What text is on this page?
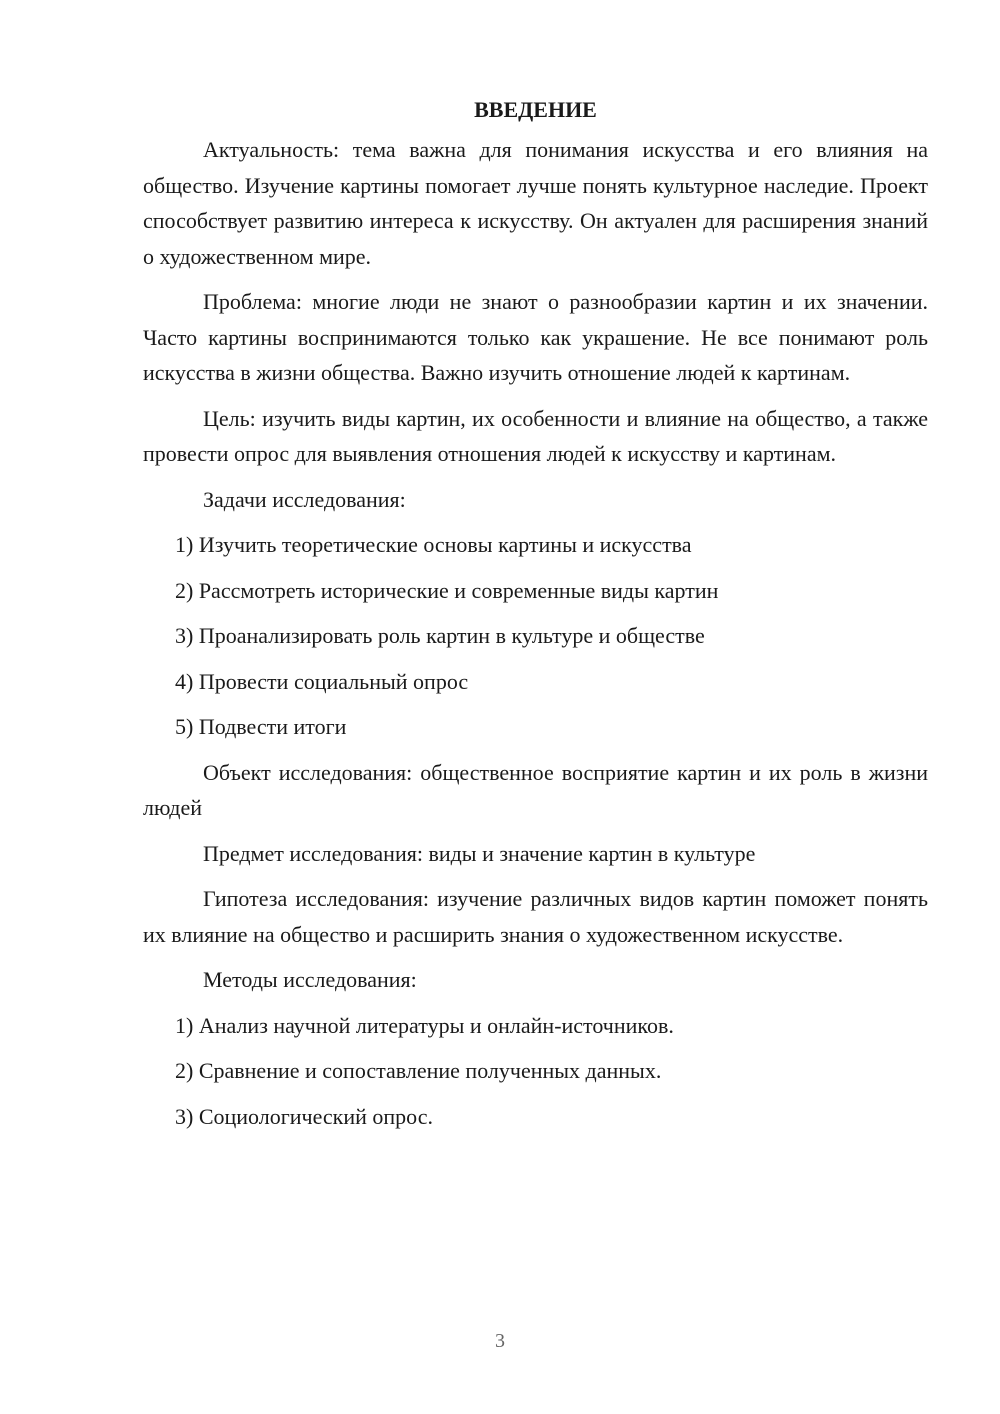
ВВЕДЕНИЕ

Актуальность: тема важна для понимания искусства и его влияния на общество. Изучение картины помогает лучше понять культурное наследие. Проект способствует развитию интереса к искусству. Он актуален для расширения знаний о художественном мире.

Проблема: многие люди не знают о разнообразии картин и их значении. Часто картины воспринимаются только как украшение. Не все понимают роль искусства в жизни общества. Важно изучить отношение людей к картинам.

Цель: изучить виды картин, их особенности и влияние на общество, а также провести опрос для выявления отношения людей к искусству и картинам.

Задачи исследования:

1) Изучить теоретические основы картины и искусства
2) Рассмотреть исторические и современные виды картин
3) Проанализировать роль картин в культуре и обществе
4) Провести социальный опрос
5) Подвести итоги

Объект исследования: общественное восприятие картин и их роль в жизни людей

Предмет исследования: виды и значение картин в культуре

Гипотеза исследования: изучение различных видов картин поможет понять их влияние на общество и расширить знания о художественном искусстве.

Методы исследования:

1) Анализ научной литературы и онлайн-источников.
2) Сравнение и сопоставление полученных данных.
3) Социологический опрос.
3
